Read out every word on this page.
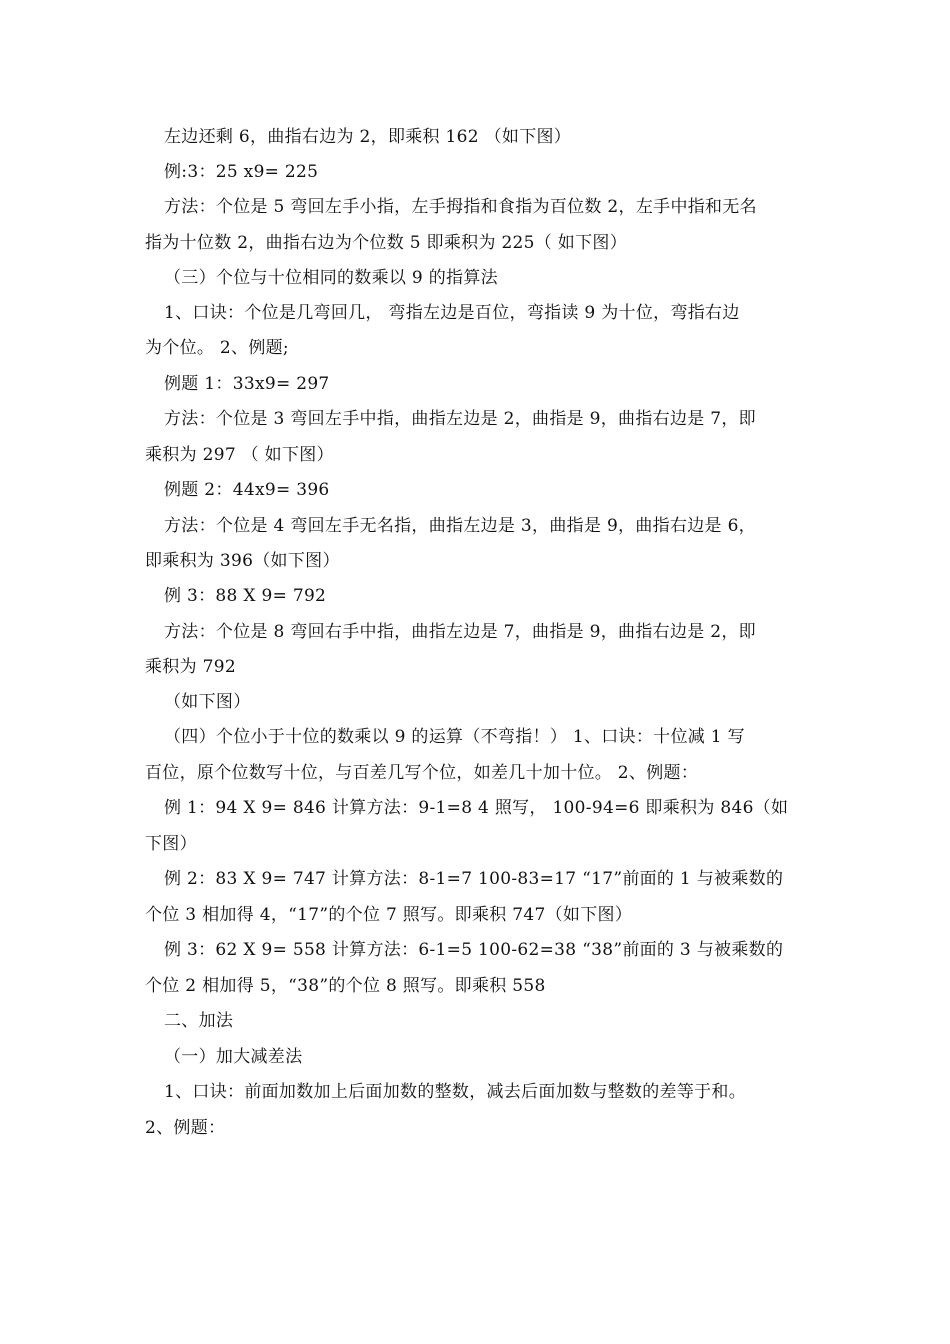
左边还剩 6，曲指右边为 2，即乘积 162 （如下图）
例:3：25 x9= 225
方法：个位是 5 弯回左手小指，左手拇指和食指为百位数 2，左手中指和无名
指为十位数 2，曲指右边为个位数 5 即乘积为 225（ 如下图）
（三）个位与十位相同的数乘以 9 的指算法
1、口诀：个位是几弯回几， 弯指左边是百位，弯指读 9 为十位，弯指右边
为个位。 2、例题;
例题 1：33x9= 297
方法：个位是 3 弯回左手中指，曲指左边是 2，曲指是 9，曲指右边是 7，即
乘积为 297 （ 如下图）
例题 2：44x9= 396
方法：个位是 4 弯回左手无名指，曲指左边是 3，曲指是 9，曲指右边是 6，
即乘积为 396（如下图）
例 3：88 X 9= 792
方法：个位是 8 弯回右手中指，曲指左边是 7，曲指是 9，曲指右边是 2，即
乘积为 792
（如下图）
（四）个位小于十位的数乘以 9 的运算（不弯指！） 1、口诀：十位减 1 写
百位，原个位数写十位，与百差几写个位，如差几十加十位。 2、例题：
例 1：94 X 9= 846 计算方法：9-1=8 4 照写， 100-94=6 即乘积为 846（如
下图）
例 2：83 X 9= 747 计算方法：8-1=7 100-83=17 “17”前面的 1 与被乘数的
个位 3 相加得 4，“17”的个位 7 照写。即乘积 747（如下图）
例 3：62 X 9= 558 计算方法：6-1=5 100-62=38 “38”前面的 3 与被乘数的
个位 2 相加得 5，“38”的个位 8 照写。即乘积 558
二、加法
（一）加大减差法
1、口诀：前面加数加上后面加数的整数，减去后面加数与整数的差等于和。
2、例题：
